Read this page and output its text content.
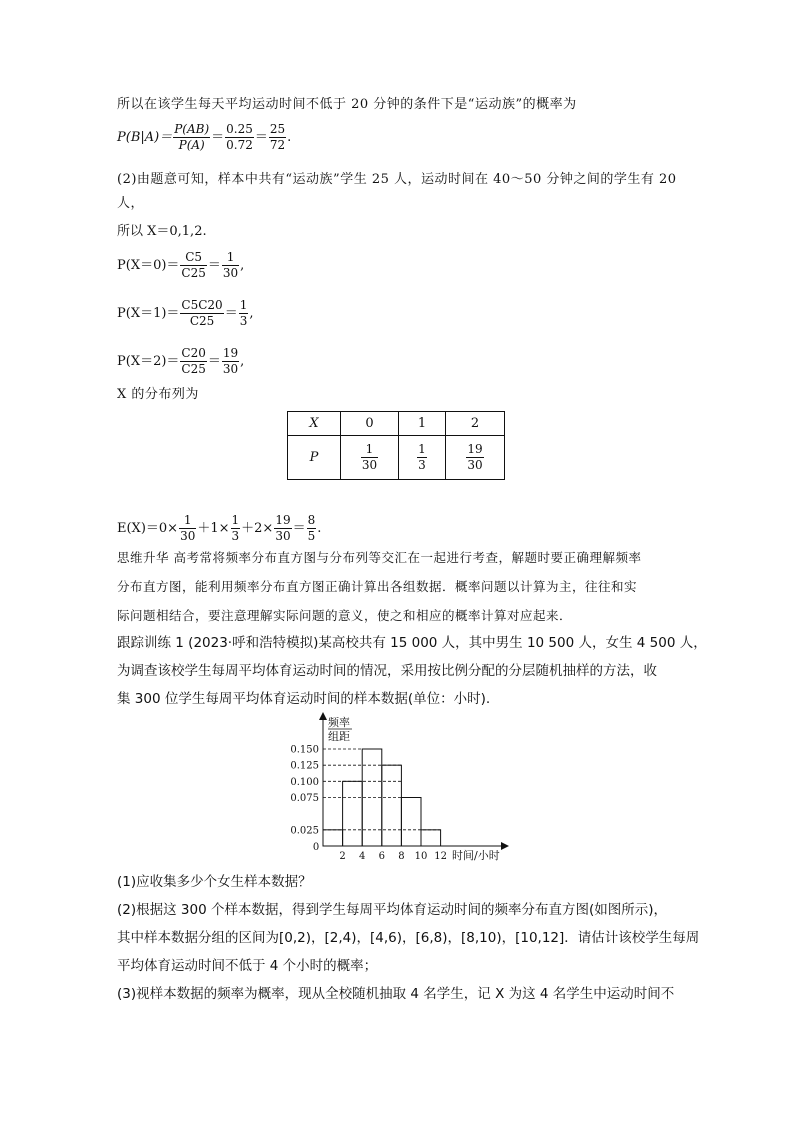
所以在该学生每天平均运动时间不低于 20 分钟的条件下是“运动族”的概率为
$P(B|A)= \frac{P(AB)}{P(A)} = \frac{0.25}{0.72} = \frac{25}{72}$ .
(2)由题意可知，样本中共有“运动族”学生 25 人，运动时间在 40～50 分钟之间的学生有 20
人，
所以 X＝0,1,2.
$P(X=0)= \frac{C5}{C25} = \frac{1}{30}$ ,
$P(X=1)= \frac{C5C20}{C25} = \frac{1}{3}$ ,
$P(X=2)= \frac{C20}{C25} = \frac{19}{30}$ ,
X 的分布列为
X	0	1	2
P	$\frac{1}{30}$	$\frac{1}{3}$	$\frac{19}{30}$
$E(X)=0\times \frac{1}{30} +1\times \frac{1}{3} +2\times \frac{19}{30} = \frac{8}{5}$ .
思维升华 高考常将频率分布直方图与分布列等交汇在一起进行考查，解题时要正确理解频率
分布直方图，能利用频率分布直方图正确计算出各组数据．概率问题以计算为主，往往和实
际问题相结合，要注意理解实际问题的意义，使之和相应的概率计算对应起来．
跟踪训练 1 (2023·呼和浩特模拟)某高校共有 15 000 人，其中男生 10 500 人，女生 4 500 人，
为调查该校学生每周平均体育运动时间的情况，采用按比例分配的分层随机抽样的方法，收
集 300 位学生每周平均体育运动时间的样本数据(单位：小时).
频率
组距
时间/小时
0.025
0.075
0.100
0.125
0.150
0
2 4 6 8 10 12
(1)应收集多少个女生样本数据？
(2)根据这 300 个样本数据，得到学生每周平均体育运动时间的频率分布直方图(如图所示)，
其中样本数据分组的区间为[0,2)，[2,4)，[4,6)，[6,8)，[8,10)，[10,12]．请估计该校学生每周
平均体育运动时间不低于 4 个小时的概率；
(3)视样本数据的频率为概率，现从全校随机抽取 4 名学生，记 X 为这 4 名学生中运动时间不
